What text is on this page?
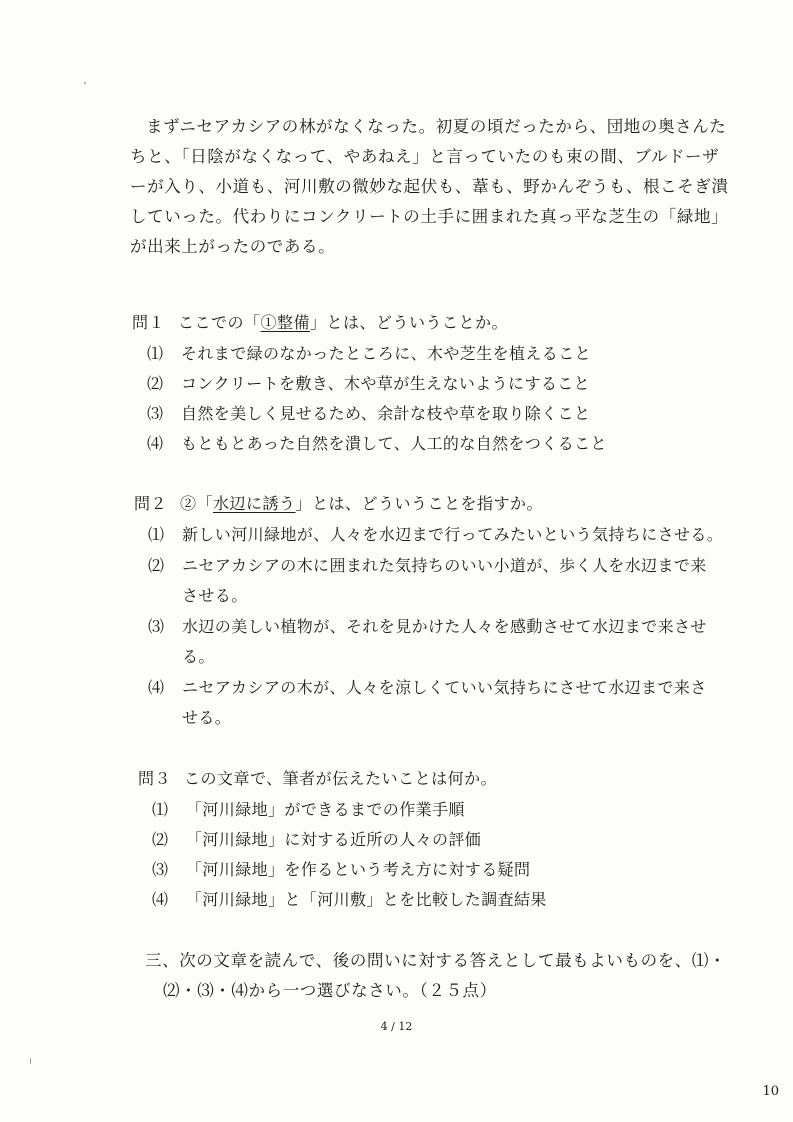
まずニセアカシアの林がなくなった。初夏の頃だったから、団地の奥さんた
ちと、「日陰がなくなって、やあねえ」と言っていたのも束の間、ブルドーザ
ーが入り、小道も、河川敷の微妙な起伏も、葦も、野かんぞうも、根こそぎ潰
していった。代わりにコンクリートの土手に囲まれた真っ平な芝生の「緑地」
が出来上がったのである。
問１ ここでの「①整備」とは、どういうことか。
⑴ それまで緑のなかったところに、木や芝生を植えること
⑵ コンクリートを敷き、木や草が生えないようにすること
⑶ 自然を美しく見せるため、余計な枝や草を取り除くこと
⑷ もともとあった自然を潰して、人工的な自然をつくること
問２ ②「水辺に誘う」とは、どういうことを指すか。
⑴ 新しい河川緑地が、人々を水辺まで行ってみたいという気持ちにさせる。
⑵ ニセアカシアの木に囲まれた気持ちのいい小道が、歩く人を水辺まで来
させる。
⑶ 水辺の美しい植物が、それを見かけた人々を感動させて水辺まで来させ
る。
⑷ ニセアカシアの木が、人々を涼しくていい気持ちにさせて水辺まで来さ
せる。
問３ この文章で、筆者が伝えたいことは何か。
⑴ 「河川緑地」ができるまでの作業手順
⑵ 「河川緑地」に対する近所の人々の評価
⑶ 「河川緑地」を作るという考え方に対する疑問
⑷ 「河川緑地」と「河川敷」とを比較した調査結果
三、次の文章を読んで、後の問いに対する答えとして最もよいものを、⑴・
⑵・⑶・⑷から一つ選びなさい。（２５点）
4 / 12
10
